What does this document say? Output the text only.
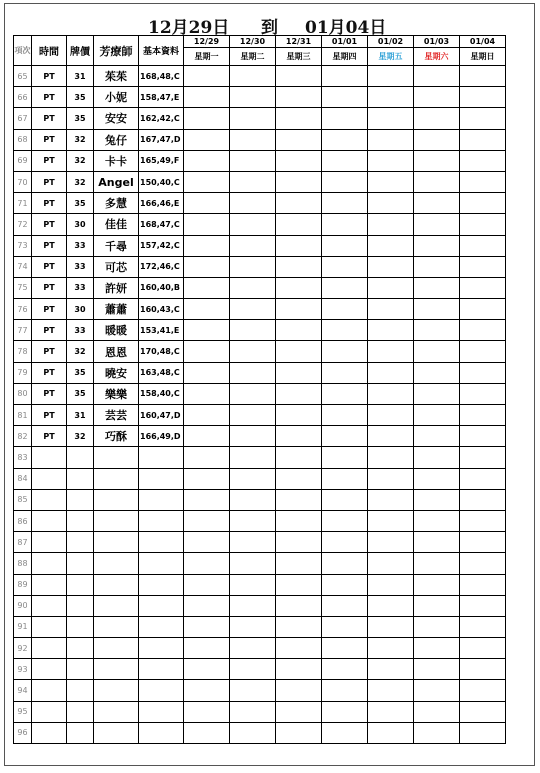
12月29日 到 01月04日
項次	時間	牌價	芳療師	基本資料	12/29	12/30	12/31	01/01	01/02	01/03	01/04
					星期一	星期二	星期三	星期四	星期五	星期六	星期日
65	PT	31	茱茱	168,48,C							
66	PT	35	小妮	158,47,E							
67	PT	35	安安	162,42,C							
68	PT	32	兔仔	167,47,D							
69	PT	32	卡卡	165,49,F							
70	PT	32	Angel	150,40,C							
71	PT	35	多慧	166,46,E							
72	PT	30	佳佳	168,47,C							
73	PT	33	千尋	157,42,C							
74	PT	33	可芯	172,46,C							
75	PT	33	許妍	160,40,B							
76	PT	30	蕭蕭	160,43,C							
77	PT	33	暖暖	153,41,E							
78	PT	32	恩恩	170,48,C							
79	PT	35	曉安	163,48,C							
80	PT	35	樂樂	158,40,C							
81	PT	31	芸芸	160,47,D							
82	PT	32	巧酥	166,49,D							
83											
84											
85											
86											
87											
88											
89											
90											
91											
92											
93											
94											
95											
96											
